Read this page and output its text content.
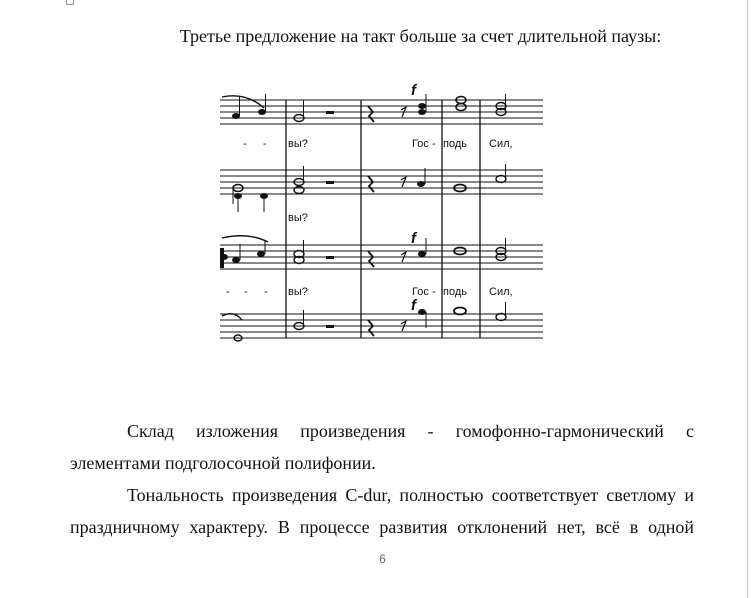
Третье предложение на такт больше за счет длительной паузы:
f
f
f
- - вы?	Гос - подь Сил,
вы?
- - - вы?	Гос - подь Сил,
Склад изложения произведения - гомофонно-гармонический с
элементами подголосочной полифонии.
Тональность произведения C-dur, полностью соответствует светлому и
праздничному характеру. В процессе развития отклонений нет, всё в одной
6
